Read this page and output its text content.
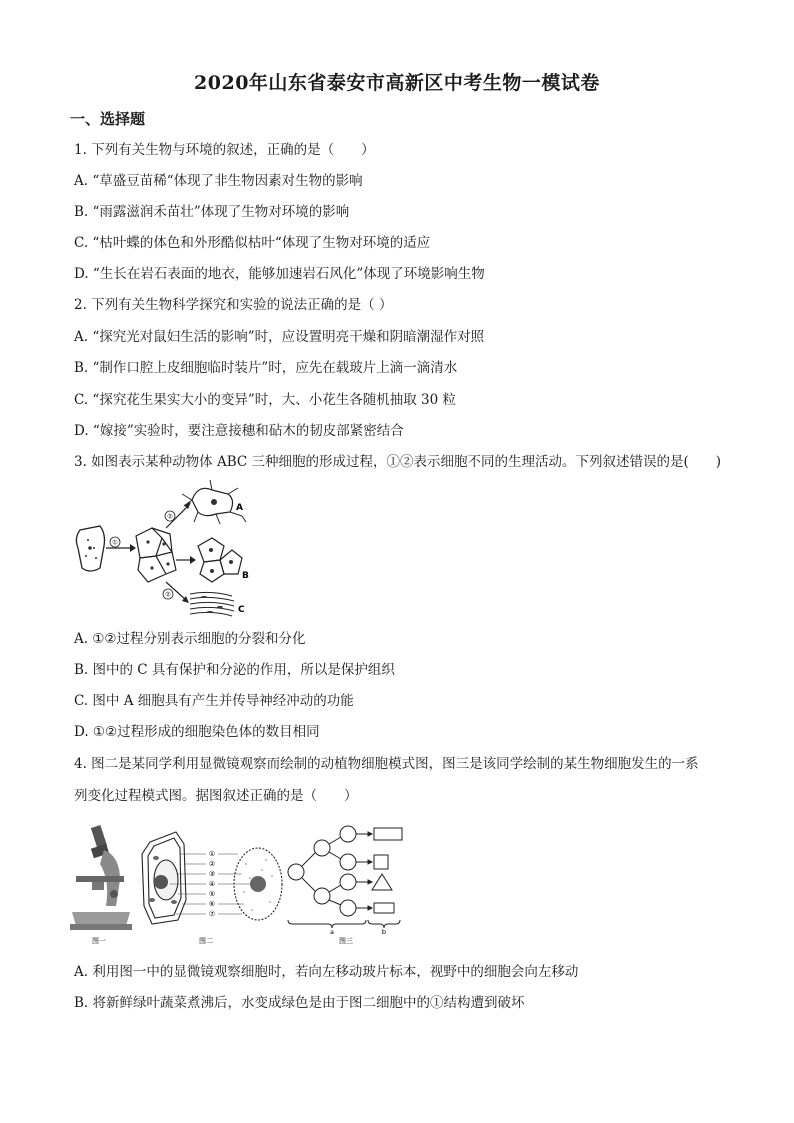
2020年山东省泰安市高新区中考生物一模试卷
一、选择题
1. 下列有关生物与环境的叙述，正确的是（　　）
A. “草盛豆苗稀“体现了非生物因素对生物的影响
B. “雨露滋润禾苗壮”体现了生物对环境的影响
C. “枯叶蝶的体色和外形酷似枯叶“体现了生物对环境的适应
D. “生长在岩石表面的地衣，能够加速岩石风化”体现了环境影响生物
2. 下列有关生物科学探究和实验的说法正确的是（ ）
A. “探究光对鼠妇生活的影响”时，应设置明亮干燥和阴暗潮湿作对照
B. “制作口腔上皮细胞临时装片”时，应先在载玻片上滴一滴清水
C. “探究花生果实大小的变异”时，大、小花生各随机抽取 30 粒
D. “嫁接”实验时，要注意接穗和砧木的韧皮部紧密结合
3. 如图表示某种动物体 ABC 三种细胞的形成过程，①②表示细胞不同的生理活动。下列叙述错误的是(　　)
①
②
A
B
②
C
A. ①②过程分别表示细胞的分裂和分化
B. 图中的 C 具有保护和分泌的作用，所以是保护组织
C. 图中 A 细胞具有产生并传导神经冲动的功能
D. ①②过程形成的细胞染色体的数目相同
4. 图二是某同学利用显微镜观察而绘制的动植物细胞模式图，图三是该同学绘制的某生物细胞发生的一系
列变化过程模式图。据图叙述正确的是（　　）
图一
①
②
③
④
⑤
⑥
⑦
图二
a	b
图三
A. 利用图一中的显微镜观察细胞时，若向左移动玻片标本，视野中的细胞会向左移动
B. 将新鲜绿叶蔬菜煮沸后，水变成绿色是由于图二细胞中的①结构遭到破坏
